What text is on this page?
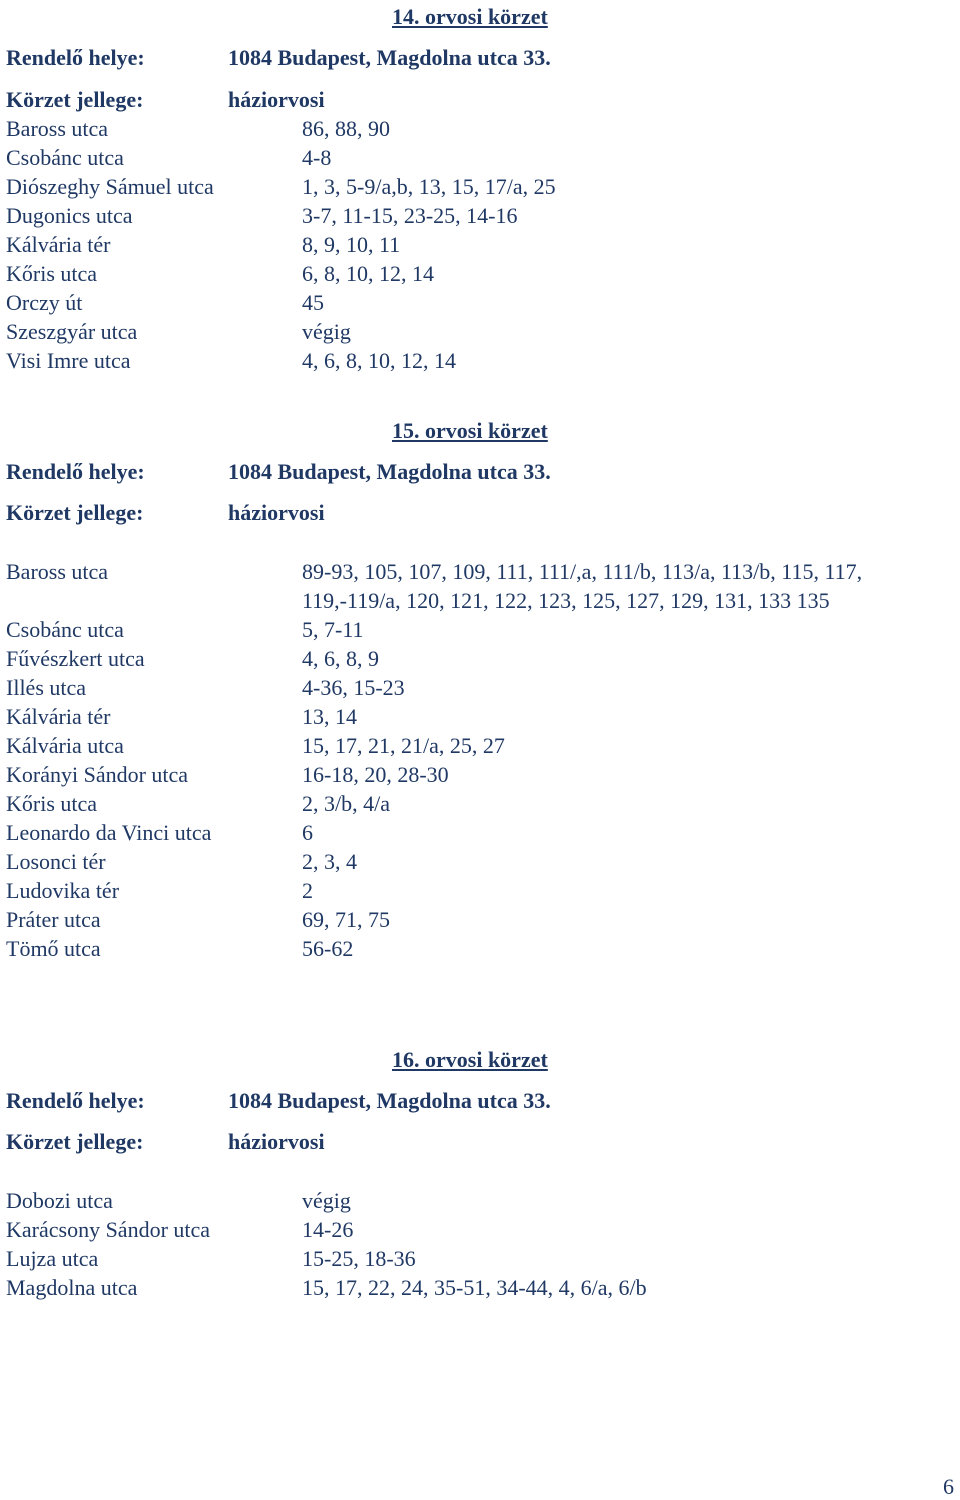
14. orvosi körzet
Rendelő helye:	1084 Budapest, Magdolna utca 33.
Körzet jellege:	háziorvosi
Baross utca	86, 88, 90
Csobánc utca	4-8
Diószeghy Sámuel utca	1, 3, 5-9/a,b, 13, 15, 17/a, 25
Dugonics utca	3-7, 11-15, 23-25, 14-16
Kálvária tér	8, 9, 10, 11
Kőris utca	6, 8, 10, 12, 14
Orczy út	45
Szeszgyár utca	végig
Visi Imre utca	4, 6, 8, 10, 12, 14
15. orvosi körzet
Rendelő helye:	1084 Budapest, Magdolna utca 33.
Körzet jellege:	háziorvosi
Baross utca	89-93, 105, 107, 109, 111, 111/,a, 111/b, 113/a, 113/b, 115, 117, 119,-119/a, 120, 121, 122, 123, 125, 127, 129, 131, 133 135
Csobánc utca	5, 7-11
Fűvészkert utca	4, 6, 8, 9
Illés utca	4-36, 15-23
Kálvária tér	13, 14
Kálvária utca	15, 17, 21, 21/a, 25, 27
Korányi Sándor utca	16-18, 20, 28-30
Kőris utca	2, 3/b, 4/a
Leonardo da Vinci utca	6
Losonci tér	2, 3, 4
Ludovika tér	2
Práter utca	69, 71, 75
Tömő utca	56-62
16. orvosi körzet
Rendelő helye:	1084 Budapest, Magdolna utca 33.
Körzet jellege:	háziorvosi
Dobozi utca	végig
Karácsony Sándor utca	14-26
Lujza utca	15-25, 18-36
Magdolna utca	15, 17, 22, 24, 35-51, 34-44, 4, 6/a, 6/b
6
